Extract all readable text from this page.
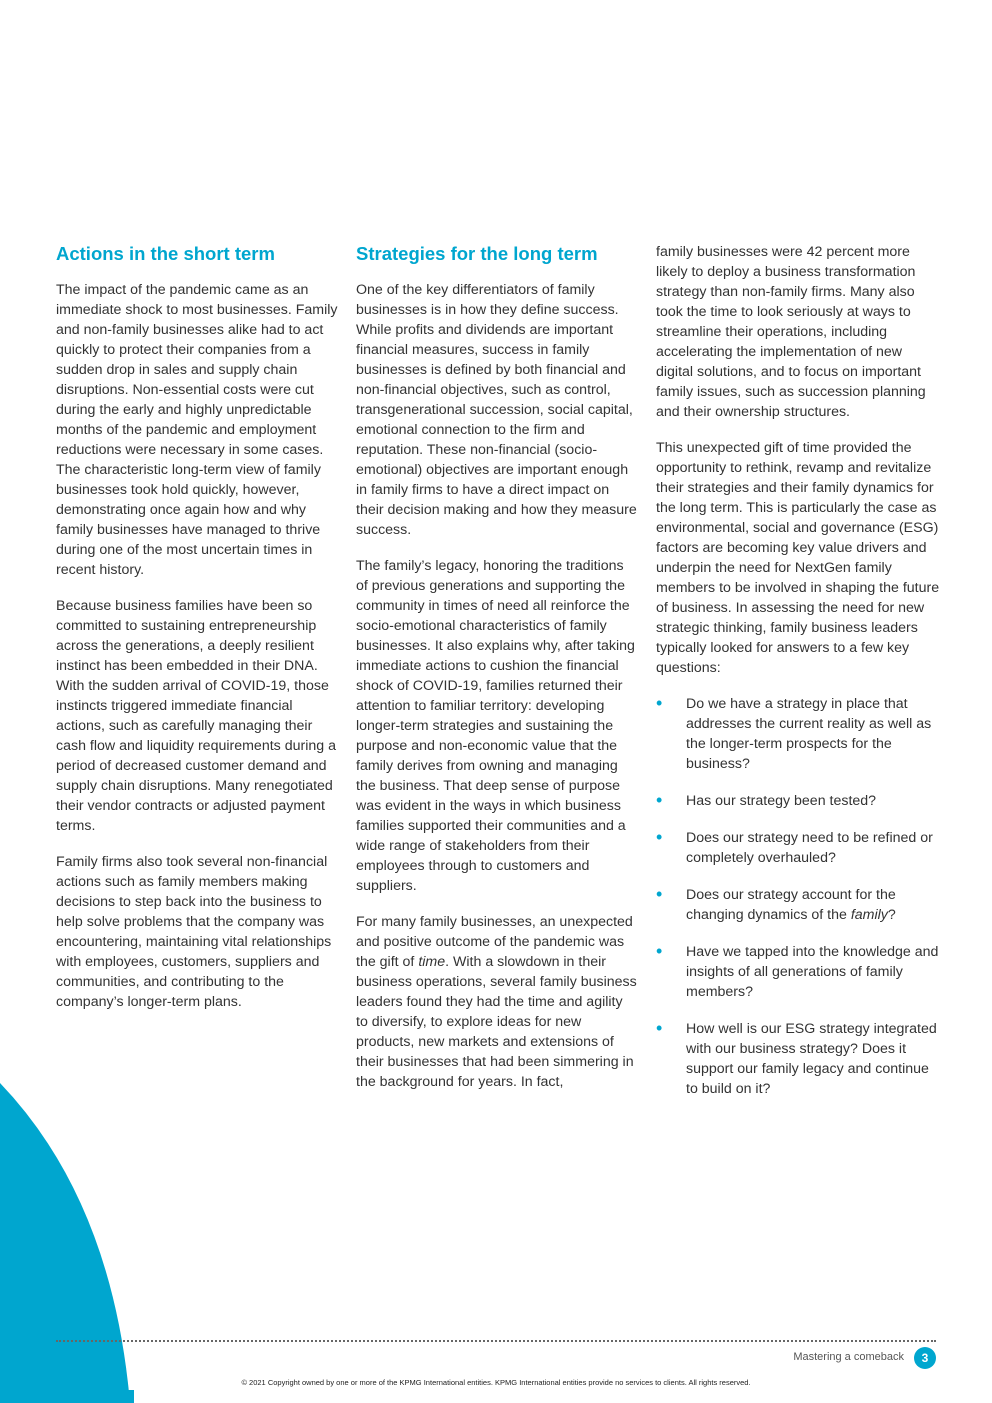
Actions in the short term

The impact of the pandemic came as an immediate shock to most businesses. Family and non-family businesses alike had to act quickly to protect their companies from a sudden drop in sales and supply chain disruptions. Non-essential costs were cut during the early and highly unpredictable months of the pandemic and employment reductions were necessary in some cases. The characteristic long-term view of family businesses took hold quickly, however, demonstrating once again how and why family businesses have managed to thrive during one of the most uncertain times in recent history.

Because business families have been so committed to sustaining entrepreneurship across the generations, a deeply resilient instinct has been embedded in their DNA. With the sudden arrival of COVID-19, those instincts triggered immediate financial actions, such as carefully managing their cash flow and liquidity requirements during a period of decreased customer demand and supply chain disruptions. Many renegotiated their vendor contracts or adjusted payment terms.

Family firms also took several non-financial actions such as family members making decisions to step back into the business to help solve problems that the company was encountering, maintaining vital relationships with employees, customers, suppliers and communities, and contributing to the company’s longer-term plans.

Strategies for the long term

One of the key differentiators of family businesses is in how they define success. While profits and dividends are important financial measures, success in family businesses is defined by both financial and non-financial objectives, such as control, transgenerational succession, social capital, emotional connection to the firm and reputation. These non-financial (socio-emotional) objectives are important enough in family firms to have a direct impact on their decision making and how they measure success.

The family’s legacy, honoring the traditions of previous generations and supporting the community in times of need all reinforce the socio-emotional characteristics of family businesses. It also explains why, after taking immediate actions to cushion the financial shock of COVID-19, families returned their attention to familiar territory: developing longer-term strategies and sustaining the purpose and non-economic value that the family derives from owning and managing the business. That deep sense of purpose was evident in the ways in which business families supported their communities and a wide range of stakeholders from their employees through to customers and suppliers.

For many family businesses, an unexpected and positive outcome of the pandemic was the gift of time. With a slowdown in their business operations, several family business leaders found they had the time and agility to diversify, to explore ideas for new products, new markets and extensions of their businesses that had been simmering in the background for years. In fact,

family businesses were 42 percent more likely to deploy a business transformation strategy than non-family firms. Many also took the time to look seriously at ways to streamline their operations, including accelerating the implementation of new digital solutions, and to focus on important family issues, such as succession planning and their ownership structures.

This unexpected gift of time provided the opportunity to rethink, revamp and revitalize their strategies and their family dynamics for the long term. This is particularly the case as environmental, social and governance (ESG) factors are becoming key value drivers and underpin the need for NextGen family members to be involved in shaping the future of business. In assessing the need for new strategic thinking, family business leaders typically looked for answers to a few key questions:

• Do we have a strategy in place that addresses the current reality as well as the longer-term prospects for the business?
• Has our strategy been tested?
• Does our strategy need to be refined or completely overhauled?
• Does our strategy account for the changing dynamics of the family?
• Have we tapped into the knowledge and insights of all generations of family members?
• How well is our ESG strategy integrated with our business strategy? Does it support our family legacy and continue to build on it?
Mastering a comeback	3
© 2021 Copyright owned by one or more of the KPMG International entities. KPMG International entities provide no services to clients. All rights reserved.
